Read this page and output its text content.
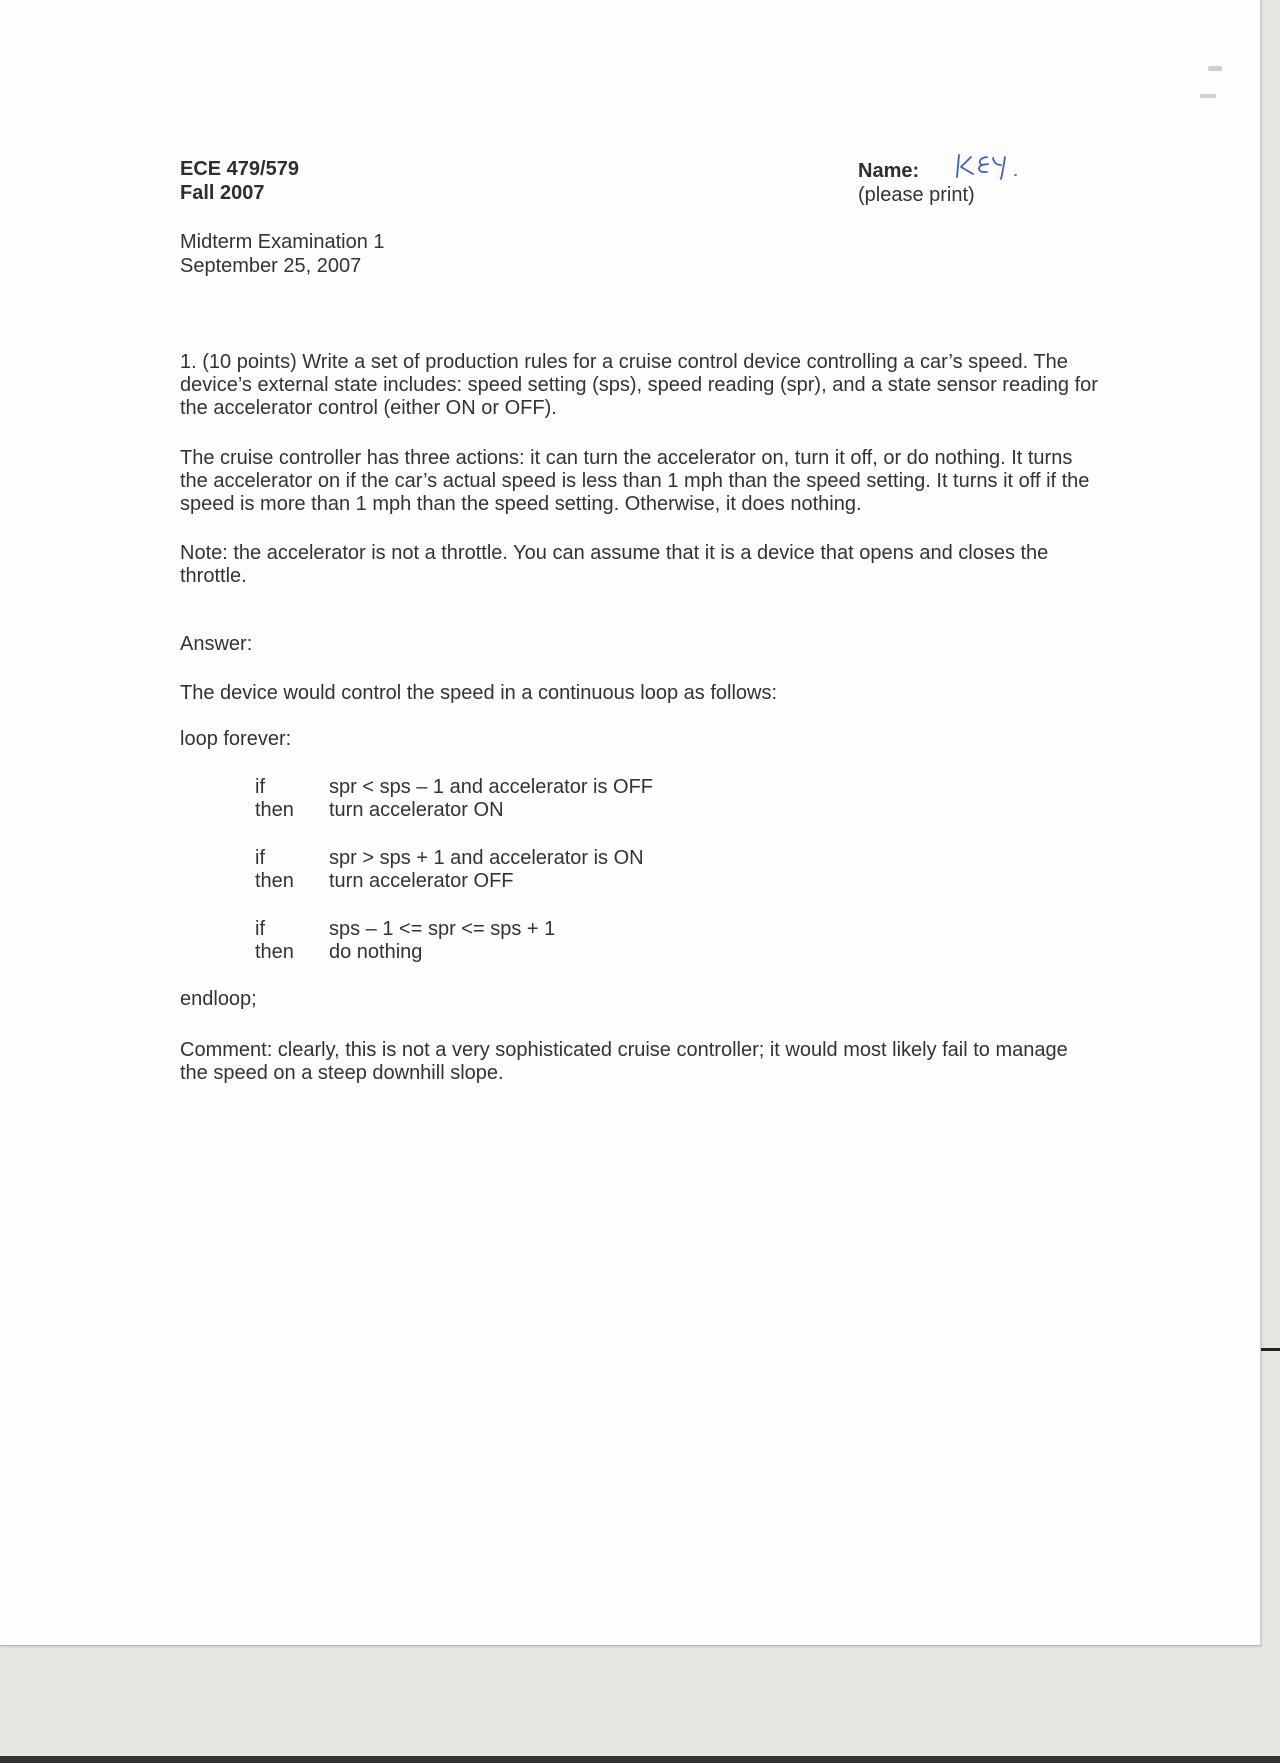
ECE 479/579
Fall 2007
Name:
(please print)
Midterm Examination 1
September 25, 2007

1. (10 points) Write a set of production rules for a cruise control device controlling a car’s speed. The device’s external state includes: speed setting (sps), speed reading (spr), and a state sensor reading for the accelerator control (either ON or OFF).

The cruise controller has three actions: it can turn the accelerator on, turn it off, or do nothing. It turns the accelerator on if the car’s actual speed is less than 1 mph than the speed setting. It turns it off if the speed is more than 1 mph than the speed setting. Otherwise, it does nothing.

Note: the accelerator is not a throttle. You can assume that it is a device that opens and closes the throttle.

Answer:

The device would control the speed in a continuous loop as follows:

loop forever:

if	spr < sps – 1 and accelerator is OFF
then turn accelerator ON
if	spr > sps + 1 and accelerator is ON
then turn accelerator OFF
if	sps – 1 <= spr <= sps + 1
then do nothing

endloop;

Comment: clearly, this is not a very sophisticated cruise controller; it would most likely fail to manage the speed on a steep downhill slope.
